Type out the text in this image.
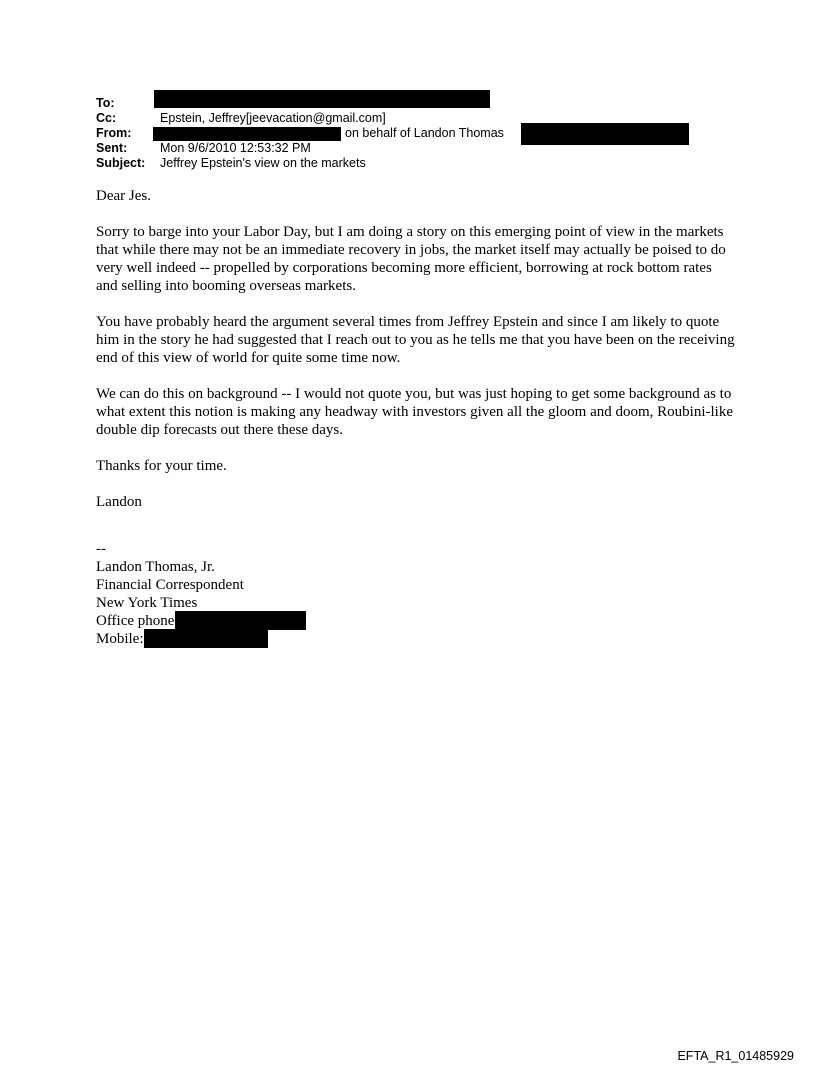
To:
Cc:	Epstein, Jeffrey[jeevacation@gmail.com]
From:	on behalf of Landon Thomas
Sent:	Mon 9/6/2010 12:53:32 PM
Subject: Jeffrey Epstein's view on the markets

Dear Jes.

Sorry to barge into your Labor Day, but I am doing a story on this emerging point of view in the markets that while there may not be an immediate recovery in jobs, the market itself may actually be poised to do very well indeed -- propelled by corporations becoming more efficient, borrowing at rock bottom rates and selling into booming overseas markets.

You have probably heard the argument several times from Jeffrey Epstein and since I am likely to quote him in the story he had suggested that I reach out to you as he tells me that you have been on the receiving end of this view of world for quite some time now.

We can do this on background -- I would not quote you, but was just hoping to get some background as to what extent this notion is making any headway with investors given all the gloom and doom, Roubini-like double dip forecasts out there these days.

Thanks for your time.

Landon

--
Landon Thomas, Jr.
Financial Correspondent
New York Times
Office phone
Mobile:
EFTA_R1_01485929
